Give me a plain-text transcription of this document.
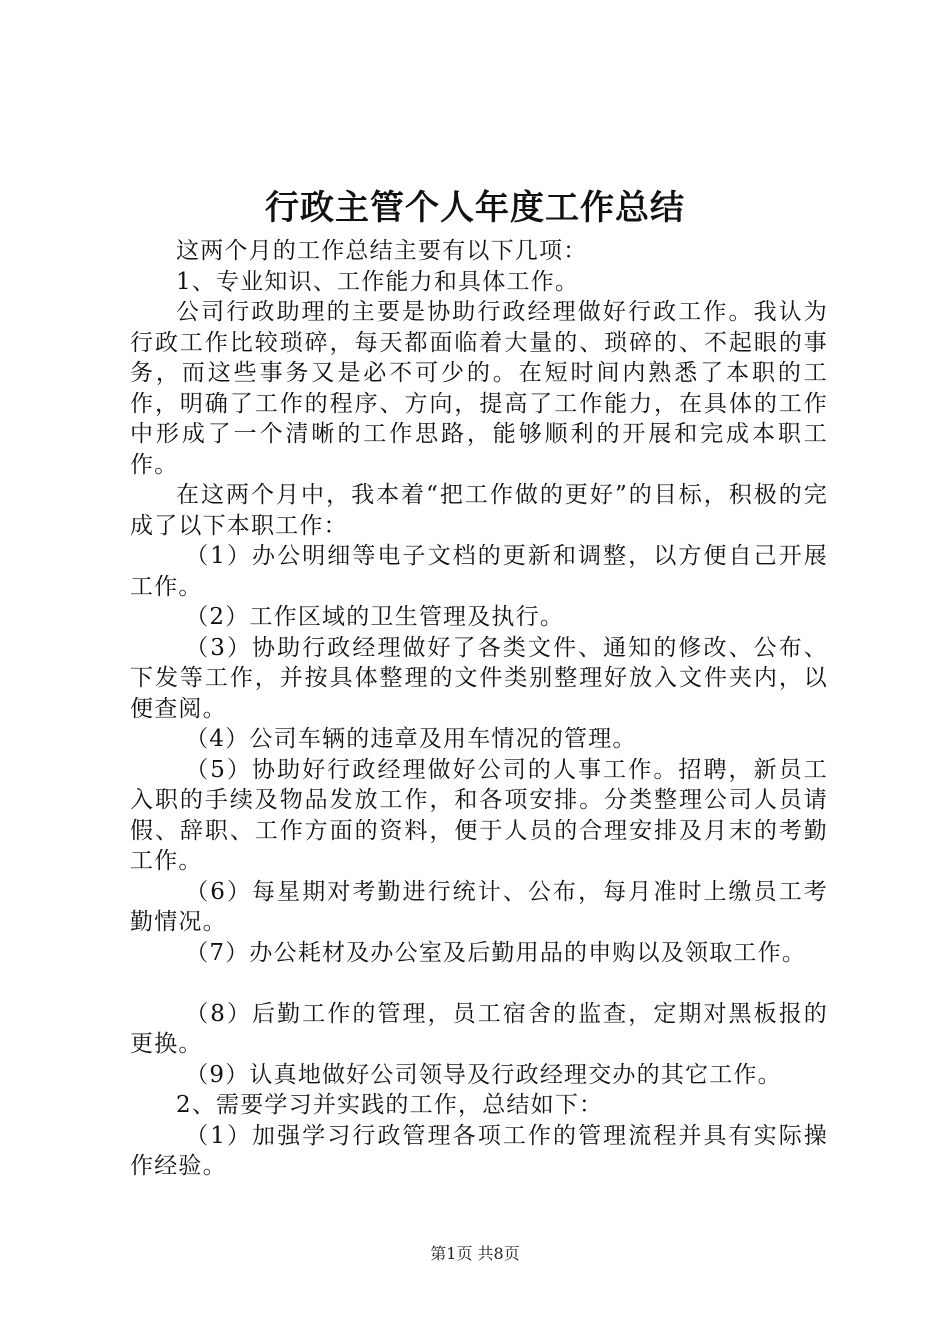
行政主管个人年度工作总结

这两个月的工作总结主要有以下几项：

1、专业知识、工作能力和具体工作。

公司行政助理的主要是协助行政经理做好行政工作。我认为行政工作比较琐碎，每天都面临着大量的、琐碎的、不起眼的事务，而这些事务又是必不可少的。在短时间内熟悉了本职的工作，明确了工作的程序、方向，提高了工作能力，在具体的工作中形成了一个清晰的工作思路，能够顺利的开展和完成本职工作。

在这两个月中，我本着“把工作做的更好”的目标，积极的完成了以下本职工作：

（1）办公明细等电子文档的更新和调整，以方便自己开展工作。

（2）工作区域的卫生管理及执行。

（3）协助行政经理做好了各类文件、通知的修改、公布、下发等工作，并按具体整理的文件类别整理好放入文件夹内，以便查阅。

（4）公司车辆的违章及用车情况的管理。

（5）协助好行政经理做好公司的人事工作。招聘，新员工入职的手续及物品发放工作，和各项安排。分类整理公司人员请假、辞职、工作方面的资料，便于人员的合理安排及月末的考勤工作。

（6）每星期对考勤进行统计、公布，每月准时上缴员工考勤情况。

（7）办公耗材及办公室及后勤用品的申购以及领取工作。

（8）后勤工作的管理，员工宿舍的监查，定期对黑板报的更换。

（9）认真地做好公司领导及行政经理交办的其它工作。

2、需要学习并实践的工作，总结如下：

（1）加强学习行政管理各项工作的管理流程并具有实际操作经验。

第1页 共8页
